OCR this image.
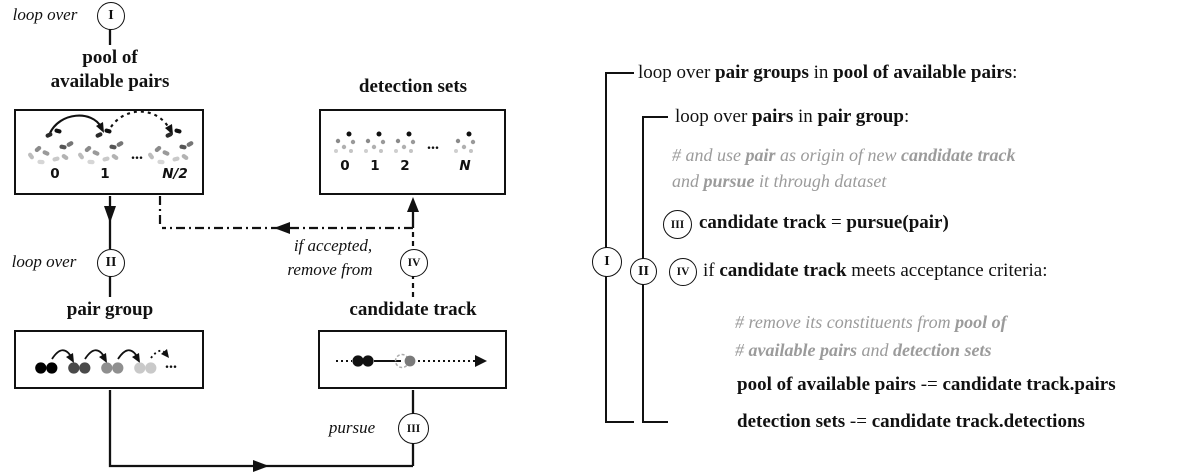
pool of
available pairs	detection sets
pair group	candidate track
loop over	I
loop over	II
III
IV
if accepted,
remove from
pursue
0	1	N/2
...
0	1	2	N
...
...
I
II
III
IV
loop over pair groups in pool of available pairs:
loop over pairs in pair group:
# and use pair as origin of new candidate track
and pursue it through dataset
candidate track = pursue(pair)
if candidate track meets acceptance criteria:
# remove its constituents from pool of
# available pairs and detection sets
pool of available pairs -= candidate track.pairs
detection sets -= candidate track.detections
